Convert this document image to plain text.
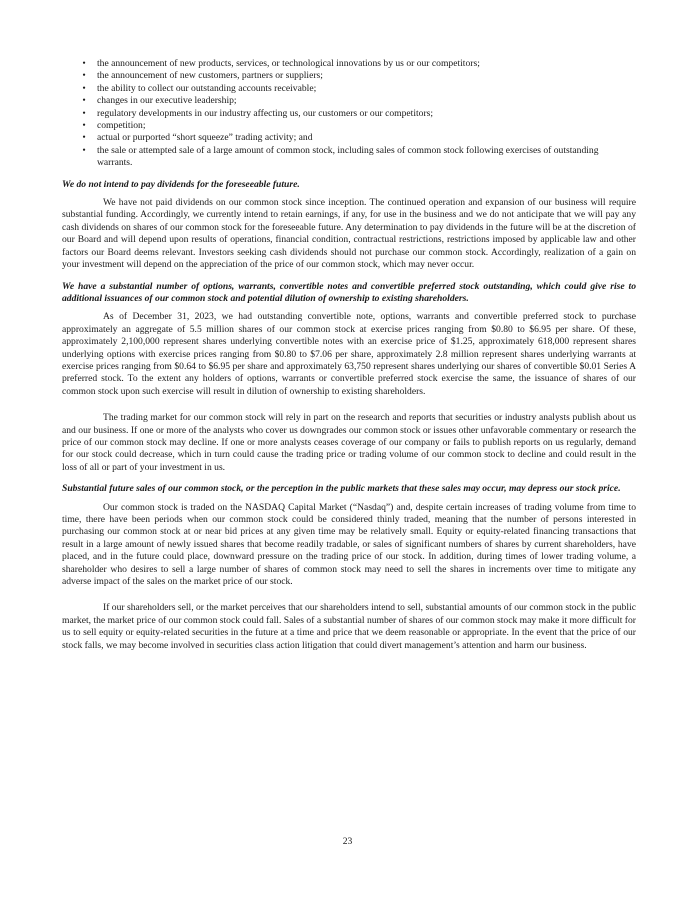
•	the announcement of new products, services, or technological innovations by us or our competitors;
•	the announcement of new customers, partners or suppliers;
•	the ability to collect our outstanding accounts receivable;
•	changes in our executive leadership;
•	regulatory developments in our industry affecting us, our customers or our competitors;
•	competition;
•	actual or purported “short squeeze” trading activity; and
•	the sale or attempted sale of a large amount of common stock, including sales of common stock following exercises of outstanding warrants.

We do not intend to pay dividends for the foreseeable future.

We have not paid dividends on our common stock since inception. The continued operation and expansion of our business will require substantial funding. Accordingly, we currently intend to retain earnings, if any, for use in the business and we do not anticipate that we will pay any cash dividends on shares of our common stock for the foreseeable future. Any determination to pay dividends in the future will be at the discretion of our Board and will depend upon results of operations, financial condition, contractual restrictions, restrictions imposed by applicable law and other factors our Board deems relevant. Investors seeking cash dividends should not purchase our common stock. Accordingly, realization of a gain on your investment will depend on the appreciation of the price of our common stock, which may never occur.

We have a substantial number of options, warrants, convertible notes and convertible preferred stock outstanding, which could give rise to additional issuances of our common stock and potential dilution of ownership to existing shareholders.

As of December 31, 2023, we had outstanding convertible note, options, warrants and convertible preferred stock to purchase approximately an aggregate of 5.5 million shares of our common stock at exercise prices ranging from $0.80 to $6.95 per share. Of these, approximately 2,100,000 represent shares underlying convertible notes with an exercise price of $1.25, approximately 618,000 represent shares underlying options with exercise prices ranging from $0.80 to $7.06 per share, approximately 2.8 million represent shares underlying warrants at exercise prices ranging from $0.64 to $6.95 per share and approximately 63,750 represent shares underlying our shares of convertible $0.01 Series A preferred stock. To the extent any holders of options, warrants or convertible preferred stock exercise the same, the issuance of shares of our common stock upon such exercise will result in dilution of ownership to existing shareholders.

The trading market for our common stock will rely in part on the research and reports that securities or industry analysts publish about us and our business. If one or more of the analysts who cover us downgrades our common stock or issues other unfavorable commentary or research the price of our common stock may decline. If one or more analysts ceases coverage of our company or fails to publish reports on us regularly, demand for our stock could decrease, which in turn could cause the trading price or trading volume of our common stock to decline and could result in the loss of all or part of your investment in us.

Substantial future sales of our common stock, or the perception in the public markets that these sales may occur, may depress our stock price.

Our common stock is traded on the NASDAQ Capital Market (“Nasdaq”) and, despite certain increases of trading volume from time to time, there have been periods when our common stock could be considered thinly traded, meaning that the number of persons interested in purchasing our common stock at or near bid prices at any given time may be relatively small. Equity or equity-related financing transactions that result in a large amount of newly issued shares that become readily tradable, or sales of significant numbers of shares by current shareholders, have placed, and in the future could place, downward pressure on the trading price of our stock. In addition, during times of lower trading volume, a shareholder who desires to sell a large number of shares of common stock may need to sell the shares in increments over time to mitigate any adverse impact of the sales on the market price of our stock.

If our shareholders sell, or the market perceives that our shareholders intend to sell, substantial amounts of our common stock in the public market, the market price of our common stock could fall. Sales of a substantial number of shares of our common stock may make it more difficult for us to sell equity or equity-related securities in the future at a time and price that we deem reasonable or appropriate. In the event that the price of our stock falls, we may become involved in securities class action litigation that could divert management’s attention and harm our business.

23
